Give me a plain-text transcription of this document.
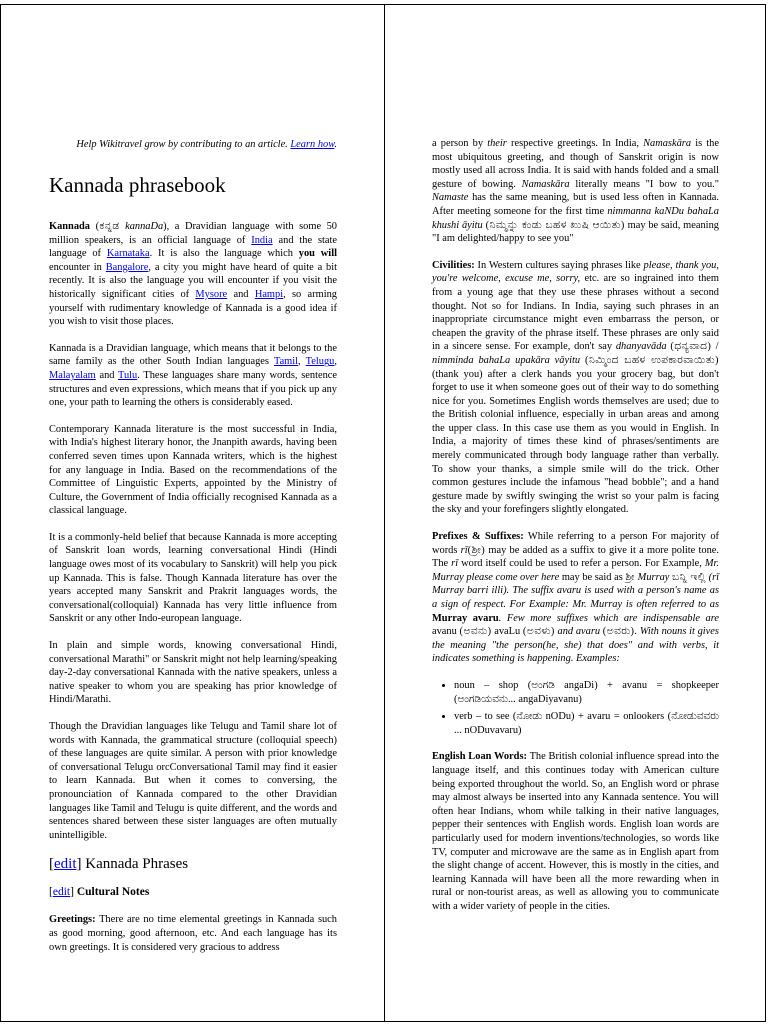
Help Wikitravel grow by contributing to an article. Learn how.
Kannada phrasebook

Kannada (ಕನ್ನಡ kannaDa), a Dravidian language with some 50 million speakers, is an official language of India and the state language of Karnataka. It is also the language which you will encounter in Bangalore, a city you might have heard of quite a bit recently. It is also the language you will encounter if you visit the historically significant cities of Mysore and Hampi, so arming yourself with rudimentary knowledge of Kannada is a good idea if you wish to visit those places.

Kannada is a Dravidian language, which means that it belongs to the same family as the other South Indian languages Tamil, Telugu, Malayalam and Tulu. These languages share many words, sentence structures and even expressions, which means that if you pick up any one, your path to learning the others is considerably eased.

Contemporary Kannada literature is the most successful in India, with India's highest literary honor, the Jnanpith awards, having been conferred seven times upon Kannada writers, which is the highest for any language in India. Based on the recommendations of the Committee of Linguistic Experts, appointed by the Ministry of Culture, the Government of India officially recognised Kannada as a classical language.

It is a commonly-held belief that because Kannada is more accepting of Sanskrit loan words, learning conversational Hindi (Hindi language owes most of its vocabulary to Sanskrit) will help you pick up Kannada. This is false. Though Kannada literature has over the years accepted many Sanskrit and Prakrit languages words, the conversational(colloquial) Kannada has very little influence from Sanskrit or any other Indo-european language.

In plain and simple words, knowing conversational Hindi, conversational Marathi" or Sanskrit might not help learning/speaking day-2-day conversational Kannada with the native speakers, unless a native speaker to whom you are speaking has prior knowledge of Hindi/Marathi.

Though the Dravidian languages like Telugu and Tamil share lot of words with Kannada, the grammatical structure (colloquial speech) of these languages are quite similar. A person with prior knowledge of conversational Telugu orcConversational Tamil may find it easier to learn Kannada. But when it comes to conversing, the pronounciation of Kannada compared to the other Dravidian languages like Tamil and Telugu is quite different, and the words and sentences shared between these sister languages are often mutually unintelligible.

[edit] Kannada Phrases
[edit] Cultural Notes

Greetings: There are no time elemental greetings in Kannada such as good morning, good afternoon, etc. And each language has its own greetings. It is considered very gracious to address

a person by their respective greetings. In India, Namaskāra is the most ubiquitous greeting, and though of Sanskrit origin is now mostly used all across India. It is said with hands folded and a small gesture of bowing. Namaskāra literally means "I bow to you." Namaste has the same meaning, but is used less often in Kannada. After meeting someone for the first time nimmanna kaNDu bahaLa khushi āyitu (ನಿಮ್ಮನ್ನು ಕಂಡು ಬಹಳ ಖುಷಿ ಆಯಿತು) may be said, meaning "I am delighted/happy to see you"

Civilities: In Western cultures saying phrases like please, thank you, you're welcome, excuse me, sorry, etc. are so ingrained into them from a young age that they use these phrases without a second thought. Not so for Indians. In India, saying such phrases in an inappropriate circumstance might even embarrass the person, or cheapen the gravity of the phrase itself. These phrases are only said in a sincere sense. For example, don't say dhanyavāda (ಧನ್ಯವಾದ) / nimminda bahaLa upakāra vāyitu (ನಿಮ್ಮಿಂದ ಬಹಳ ಉಪಕಾರವಾಯಿತು) (thank you) after a clerk hands you your grocery bag, but don't forget to use it when someone goes out of their way to do something nice for you. Sometimes English words themselves are used; due to the British colonial influence, especially in urban areas and among the upper class. In this case use them as you would in English. In India, a majority of times these kind of phrases/sentiments are merely communicated through body language rather than verbally. To show your thanks, a simple smile will do the trick. Other common gestures include the infamous "head bobble"; and a hand gesture made by swiftly swinging the wrist so your palm is facing the sky and your forefingers slightly elongated.

Prefixes & Suffixes: While referring to a person For majority of words rī(ಶ್ರೀ) may be added as a suffix to give it a more polite tone. The rī word itself could be used to refer a person. For Example, Mr. Murray please come over here may be said as ಶ್ರೀ Murray ಬನ್ನಿ ಇಲ್ಲಿ (rī Murray barri illi). The suffix avaru is used with a person's name as a sign of respect. For Example: Mr. Murray is often referred to as Murray avaru. Few more suffixes which are indispensable are avanu (ಅವನು) avaLu (ಅವಳು) and avaru (ಅವರು). With nouns it gives the meaning "the person(he, she) that does" and with verbs, it indicates something is happening. Examples:

• noun – shop (ಅಂಗಡಿ angaDi) + avanu = shopkeeper (ಅಂಗಡಿಯವನು... angaDiyavanu)
• verb – to see (ನೋಡು nODu) + avaru = onlookers (ನೋಡುವವರು ... nODuvavaru)

English Loan Words: The British colonial influence spread into the language itself, and this continues today with American culture being exported throughout the world. So, an English word or phrase may almost always be inserted into any Kannada sentence. You will often hear Indians, whom while talking in their native languages, pepper their sentences with English words. English loan words are particularly used for modern inventions/technologies, so words like TV, computer and microwave are the same as in English apart from the slight change of accent. However, this is mostly in the cities, and learning Kannada will have been all the more rewarding when in rural or non-tourist areas, as well as allowing you to communicate with a wider variety of people in the cities.
